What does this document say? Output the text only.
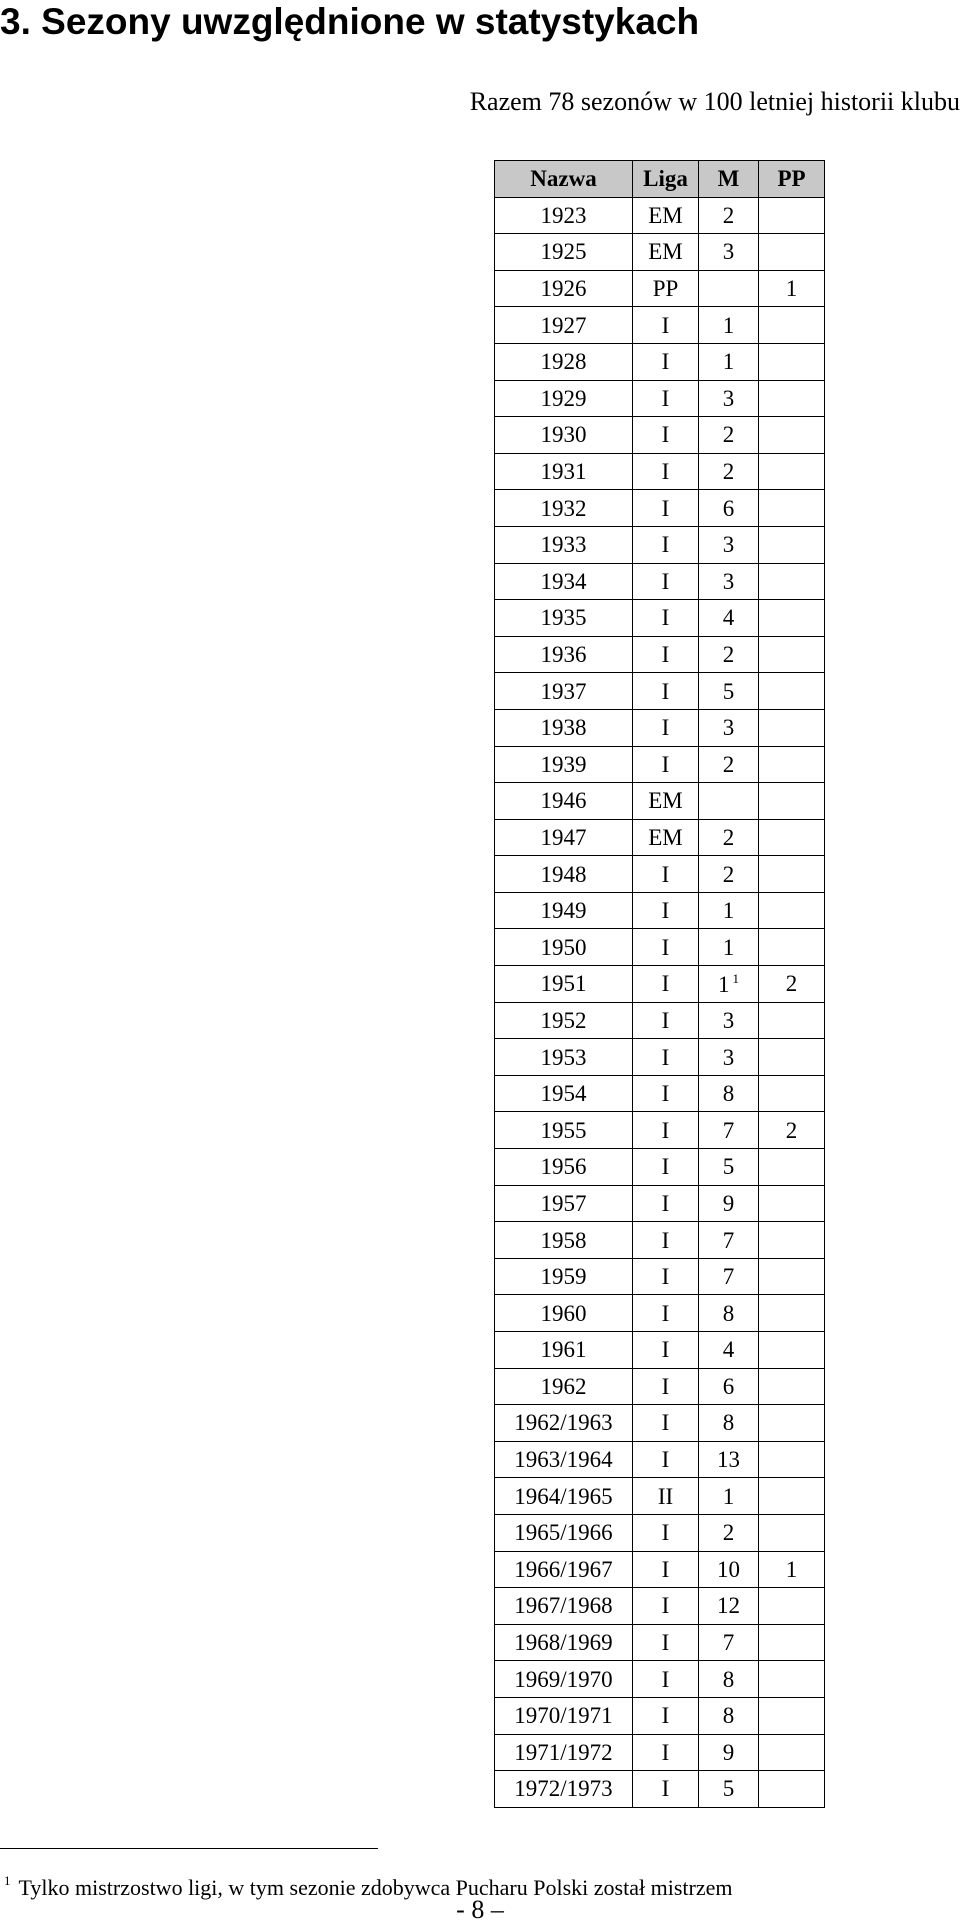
3. Sezony uwzględnione w statystykach

Razem 78 sezonów w 100 letniej historii klubu

Nazwa	Liga	M	PP
1923	EM	2	
1925	EM	3	
1926	PP		1
1927	I	1	
1928	I	1	
1929	I	3	
1930	I	2	
1931	I	2	
1932	I	6	
1933	I	3	
1934	I	3	
1935	I	4	
1936	I	2	
1937	I	5	
1938	I	3	
1939	I	2	
1946	EM		
1947	EM	2	
1948	I	2	
1949	I	1	
1950	I	1	
1951	I	1 $^1$	2
1952	I	3	
1953	I	3	
1954	I	8	
1955	I	7	2
1956	I	5	
1957	I	9	
1958	I	7	
1959	I	7	
1960	I	8	
1961	I	4	
1962	I	6	
1962/1963	I	8	
1963/1964	I	13	
1964/1965	II	1	
1965/1966	I	2	
1966/1967	I	10	1
1967/1968	I	12	
1968/1969	I	7	
1969/1970	I	8	
1970/1971	I	8	
1971/1972	I	9	
1972/1973	I	5	

$^1$ Tylko mistrzostwo ligi, w tym sezonie zdobywca Pucharu Polski został mistrzem

- 8 –
